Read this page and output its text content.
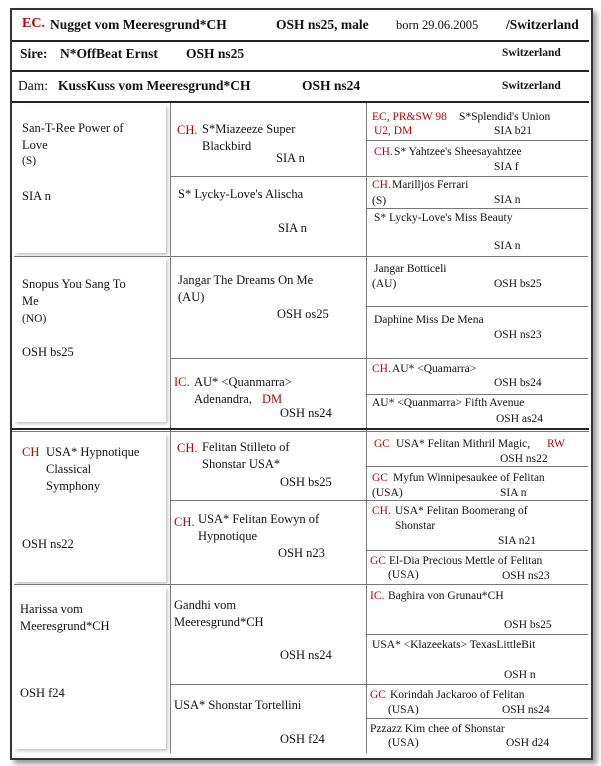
EC. Nugget vom Meeresgrund*CH	OSH ns25, male born 29.06.2005 /Switzerland
Sire: N*OffBeat Ernst OSH ns25	Switzerland
Dam: KussKuss vom Meeresgrund*CH	OSH ns24	Switzerland
San-T-Ree Power of
Love
(S)
SIA n
Snopus You Sang To
Me
(NO)
OSH bs25
CH USA* Hypnotique
Classical
Symphony
OSH ns22
Harissa vom
Meeresgrund*CH
OSH f24
CH. S*Miazeeze Super
Blackbird
SIA n
S* Lycky-Love's Alischa
SIA n
Jangar The Dreams On Me
(AU)
OSH os25
IC. AU* <Quanmarra>
Adenandra, DM
OSH ns24
CH. Felitan Stilleto of
Shonstar USA*
OSH bs25
CH. USA* Felitan Eowyn of
Hypnotique
OSH n23
Gandhi vom
Meeresgrund*CH
OSH ns24
USA* Shonstar Tortellini
OSH f24
EC, PR&SW 98 S*Splendid's Union
U2, DM	SIA b21
CH. S* Yahtzee's Sheesayahtzee
SIA f
CH. Marilljos Ferrari
(S)	SIA n
S* Lycky-Love's Miss Beauty
SIA n
Jangar Botticeli
(AU)	OSH bs25
Daphine Miss De Mena
OSH ns23
CH. AU* <Quamarra>
OSH bs24
AU* <Quanmarra> Fifth Avenue
OSH as24
GC USA* Felitan Mithril Magic, RW
OSH ns22
GC Myfun Winnipesaukee of Felitan
(USA)	SIA n
CH. USA* Felitan Boomerang of
Shonstar
SIA n21
GC El-Dia Precious Mettle of Felitan
(USA)	OSH ns23
IC. Baghira von Grunau*CH
OSH bs25
USA* <Klazeekats> TexasLittleBit
OSH n
GC Korindah Jackaroo of Felitan
(USA)	OSH ns24
Pzzazz Kim chee of Shonstar
(USA)	OSH d24
